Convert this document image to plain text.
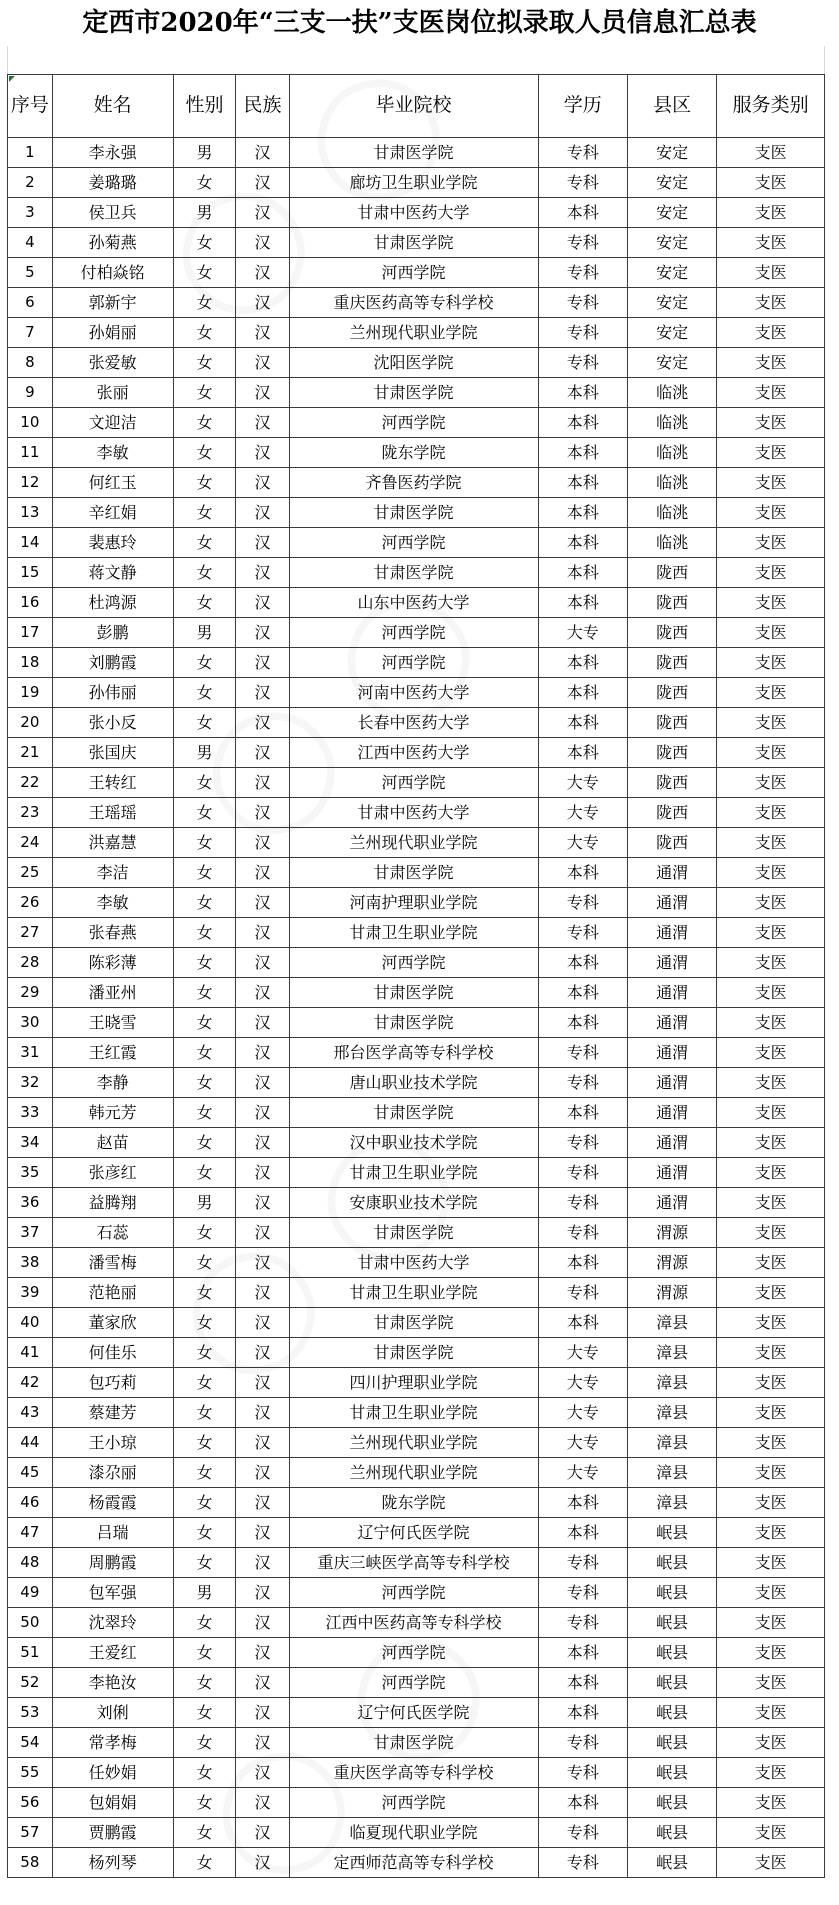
定西市2020年“三支一扶”支医岗位拟录取人员信息汇总表
序号	姓名	性别	民族	毕业院校	学历	县区	服务类别
1	李永强	男	汉	甘肃医学院	专科	安定	支医
2	姜璐璐	女	汉	廊坊卫生职业学院	专科	安定	支医
3	侯卫兵	男	汉	甘肃中医药大学	本科	安定	支医
4	孙菊燕	女	汉	甘肃医学院	专科	安定	支医
5	付柏焱铭	女	汉	河西学院	专科	安定	支医
6	郭新宇	女	汉	重庆医药高等专科学校	专科	安定	支医
7	孙娟丽	女	汉	兰州现代职业学院	专科	安定	支医
8	张爱敏	女	汉	沈阳医学院	专科	安定	支医
9	张丽	女	汉	甘肃医学院	本科	临洮	支医
10	文迎洁	女	汉	河西学院	本科	临洮	支医
11	李敏	女	汉	陇东学院	本科	临洮	支医
12	何红玉	女	汉	齐鲁医药学院	本科	临洮	支医
13	辛红娟	女	汉	甘肃医学院	本科	临洮	支医
14	裴惠玲	女	汉	河西学院	本科	临洮	支医
15	蒋文静	女	汉	甘肃医学院	本科	陇西	支医
16	杜鸿源	女	汉	山东中医药大学	本科	陇西	支医
17	彭鹏	男	汉	河西学院	大专	陇西	支医
18	刘鹏霞	女	汉	河西学院	本科	陇西	支医
19	孙伟丽	女	汉	河南中医药大学	本科	陇西	支医
20	张小反	女	汉	长春中医药大学	本科	陇西	支医
21	张国庆	男	汉	江西中医药大学	本科	陇西	支医
22	王转红	女	汉	河西学院	大专	陇西	支医
23	王瑶瑶	女	汉	甘肃中医药大学	大专	陇西	支医
24	洪嘉慧	女	汉	兰州现代职业学院	大专	陇西	支医
25	李洁	女	汉	甘肃医学院	本科	通渭	支医
26	李敏	女	汉	河南护理职业学院	专科	通渭	支医
27	张春燕	女	汉	甘肃卫生职业学院	专科	通渭	支医
28	陈彩薄	女	汉	河西学院	本科	通渭	支医
29	潘亚州	女	汉	甘肃医学院	本科	通渭	支医
30	王晓雪	女	汉	甘肃医学院	本科	通渭	支医
31	王红霞	女	汉	邢台医学高等专科学校	专科	通渭	支医
32	李静	女	汉	唐山职业技术学院	专科	通渭	支医
33	韩元芳	女	汉	甘肃医学院	本科	通渭	支医
34	赵苗	女	汉	汉中职业技术学院	专科	通渭	支医
35	张彦红	女	汉	甘肃卫生职业学院	专科	通渭	支医
36	益腾翔	男	汉	安康职业技术学院	专科	通渭	支医
37	石蕊	女	汉	甘肃医学院	专科	渭源	支医
38	潘雪梅	女	汉	甘肃中医药大学	本科	渭源	支医
39	范艳丽	女	汉	甘肃卫生职业学院	专科	渭源	支医
40	董家欣	女	汉	甘肃医学院	本科	漳县	支医
41	何佳乐	女	汉	甘肃医学院	大专	漳县	支医
42	包巧莉	女	汉	四川护理职业学院	大专	漳县	支医
43	蔡建芳	女	汉	甘肃卫生职业学院	大专	漳县	支医
44	王小琼	女	汉	兰州现代职业学院	大专	漳县	支医
45	漆尕丽	女	汉	兰州现代职业学院	大专	漳县	支医
46	杨霞霞	女	汉	陇东学院	本科	漳县	支医
47	吕瑞	女	汉	辽宁何氏医学院	本科	岷县	支医
48	周鹏霞	女	汉	重庆三峡医学高等专科学校	专科	岷县	支医
49	包军强	男	汉	河西学院	专科	岷县	支医
50	沈翠玲	女	汉	江西中医药高等专科学校	专科	岷县	支医
51	王爱红	女	汉	河西学院	本科	岷县	支医
52	李艳汝	女	汉	河西学院	本科	岷县	支医
53	刘俐	女	汉	辽宁何氏医学院	本科	岷县	支医
54	常孝梅	女	汉	甘肃医学院	专科	岷县	支医
55	任妙娟	女	汉	重庆医学高等专科学校	专科	岷县	支医
56	包娟娟	女	汉	河西学院	本科	岷县	支医
57	贾鹏霞	女	汉	临夏现代职业学院	专科	岷县	支医
58	杨列琴	女	汉	定西师范高等专科学校	专科	岷县	支医
